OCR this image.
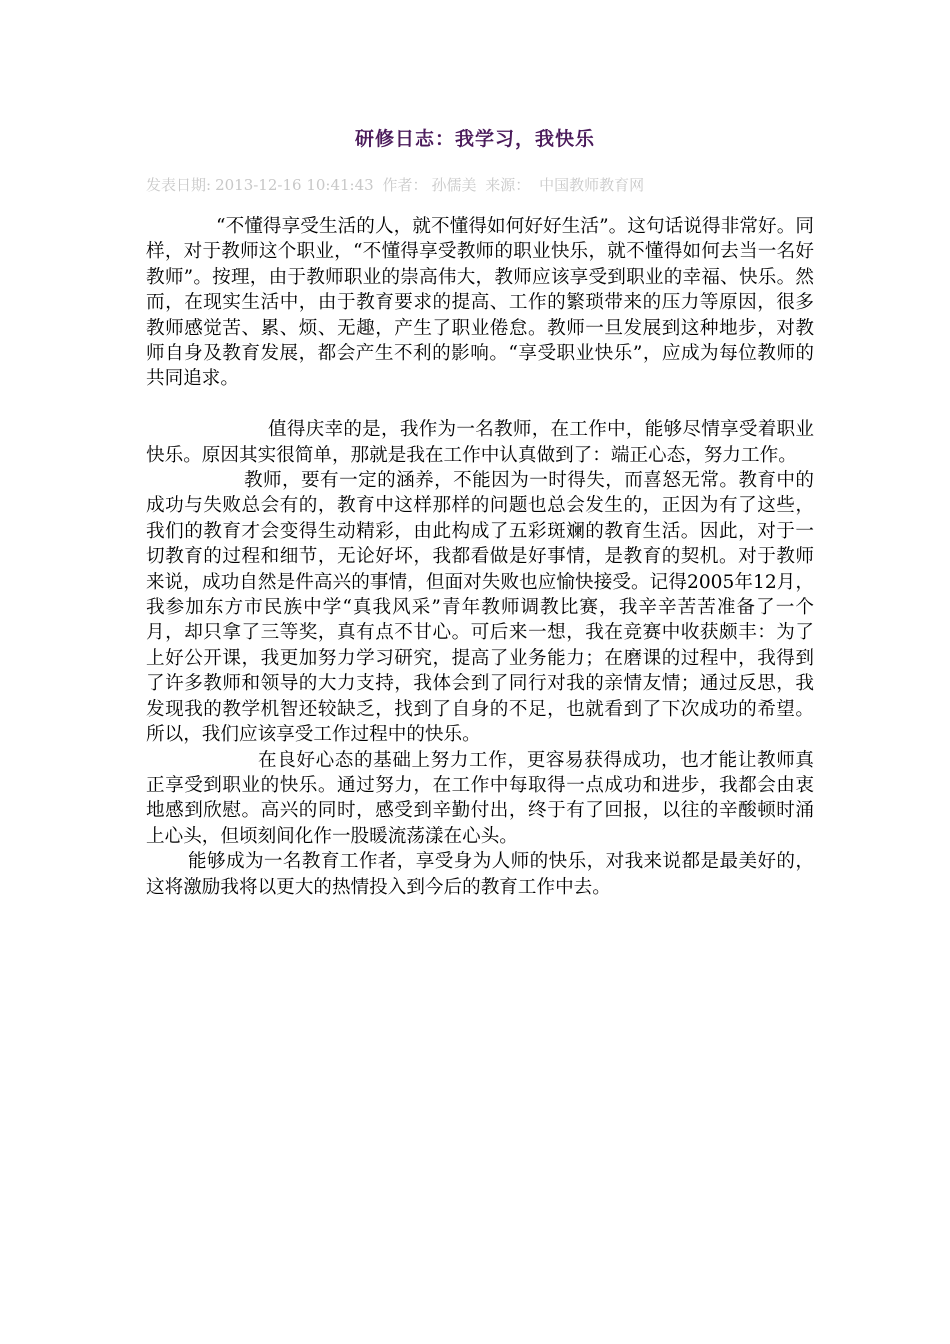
研修日志：我学习，我快乐
发表日期: 2013-12-16 10:41:43 作者： 孙儒美 来源： 中国教师教育网

“不懂得享受生活的人，就不懂得如何好好生活”。这句话说得非常好。同样，对于教师这个职业，“不懂得享受教师的职业快乐，就不懂得如何去当一名好教师”。按理，由于教师职业的崇高伟大，教师应该享受到职业的幸福、快乐。然而，在现实生活中，由于教育要求的提高、工作的繁琐带来的压力等原因，很多教师感觉苦、累、烦、无趣，产生了职业倦怠。教师一旦发展到这种地步，对教师自身及教育发展，都会产生不利的影响。“享受职业快乐”，应成为每位教师的共同追求。

值得庆幸的是，我作为一名教师，在工作中，能够尽情享受着职业快乐。原因其实很简单，那就是我在工作中认真做到了：端正心态，努力工作。

教师，要有一定的涵养，不能因为一时得失，而喜怒无常。教育中的成功与失败总会有的，教育中这样那样的问题也总会发生的，正因为有了这些，我们的教育才会变得生动精彩，由此构成了五彩斑斓的教育生活。因此，对于一切教育的过程和细节，无论好坏，我都看做是好事情，是教育的契机。对于教师来说，成功自然是件高兴的事情，但面对失败也应愉快接受。记得2005年12月，我参加东方市民族中学“真我风采”青年教师调教比赛，我辛辛苦苦准备了一个月，却只拿了三等奖，真有点不甘心。可后来一想，我在竞赛中收获颇丰：为了上好公开课，我更加努力学习研究，提高了业务能力；在磨课的过程中，我得到了许多教师和领导的大力支持，我体会到了同行对我的亲情友情；通过反思，我发现我的教学机智还较缺乏，找到了自身的不足，也就看到了下次成功的希望。所以，我们应该享受工作过程中的快乐。

在良好心态的基础上努力工作，更容易获得成功，也才能让教师真正享受到职业的快乐。通过努力，在工作中每取得一点成功和进步，我都会由衷地感到欣慰。高兴的同时，感受到辛勤付出，终于有了回报，以往的辛酸顿时涌上心头，但顷刻间化作一股暖流荡漾在心头。

能够成为一名教育工作者，享受身为人师的快乐，对我来说都是最美好的，这将激励我将以更大的热情投入到今后的教育工作中去。
